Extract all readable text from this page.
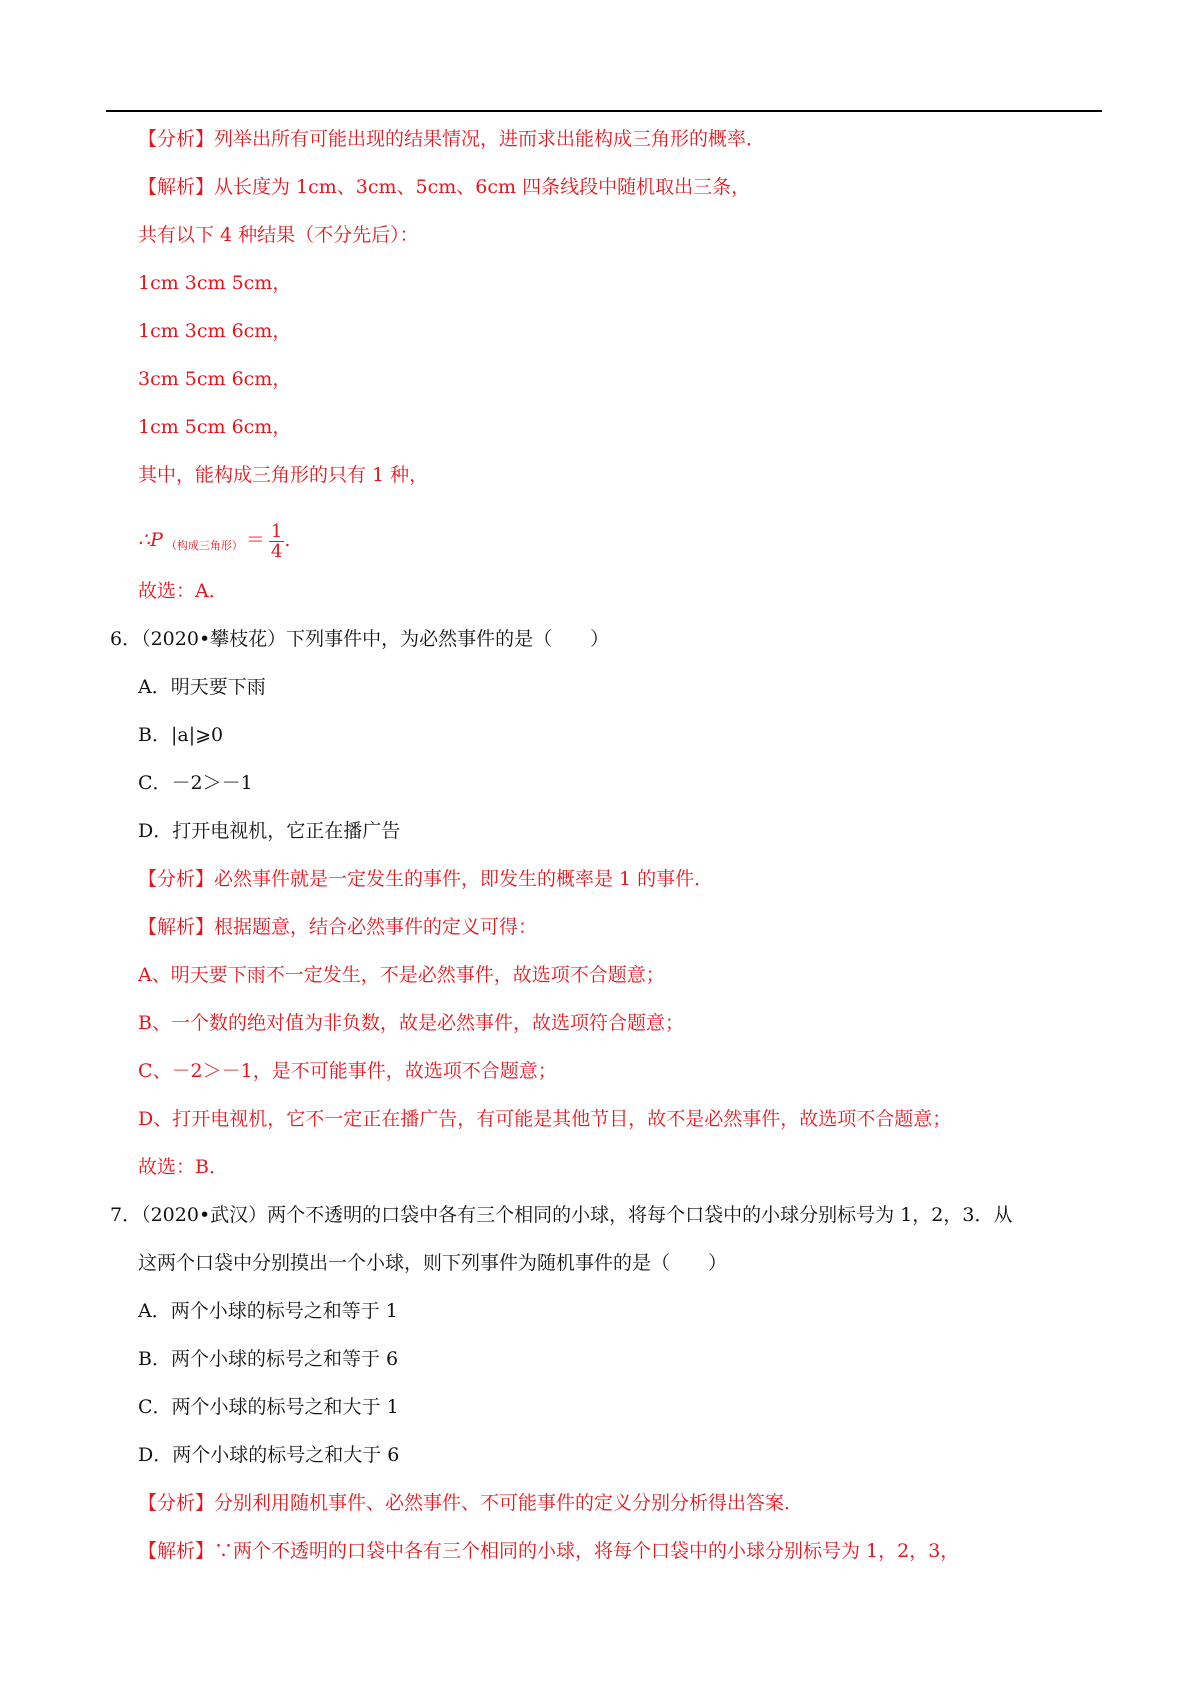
【分析】列举出所有可能出现的结果情况，进而求出能构成三角形的概率．
【解析】从长度为 1cm、3cm、5cm、6cm 四条线段中随机取出三条，
共有以下 4 种结果（不分先后）：
1cm 3cm 5cm，
1cm 3cm 6cm，
3cm 5cm 6cm，
1cm 5cm 6cm，
其中，能构成三角形的只有 1 种，
∴P $_{(构成三角形)} = \frac{1}{4}$ .
故选：A．
6．（2020•攀枝花）下列事件中，为必然事件的是（　　）
A．明天要下雨
B．|a|⩾0
C．－2＞－1
D．打开电视机，它正在播广告
【分析】必然事件就是一定发生的事件，即发生的概率是 1 的事件．
【解析】根据题意，结合必然事件的定义可得：
A、明天要下雨不一定发生，不是必然事件，故选项不合题意；
B、一个数的绝对值为非负数，故是必然事件，故选项符合题意；
C、－2＞－1，是不可能事件，故选项不合题意；
D、打开电视机，它不一定正在播广告，有可能是其他节目，故不是必然事件，故选项不合题意；
故选：B．
7．（2020•武汉）两个不透明的口袋中各有三个相同的小球，将每个口袋中的小球分别标号为 1，2，3．从
这两个口袋中分别摸出一个小球，则下列事件为随机事件的是（　　）
A．两个小球的标号之和等于 1
B．两个小球的标号之和等于 6
C．两个小球的标号之和大于 1
D．两个小球的标号之和大于 6
【分析】分别利用随机事件、必然事件、不可能事件的定义分别分析得出答案．
【解析】∵两个不透明的口袋中各有三个相同的小球，将每个口袋中的小球分别标号为 1，2，3，
